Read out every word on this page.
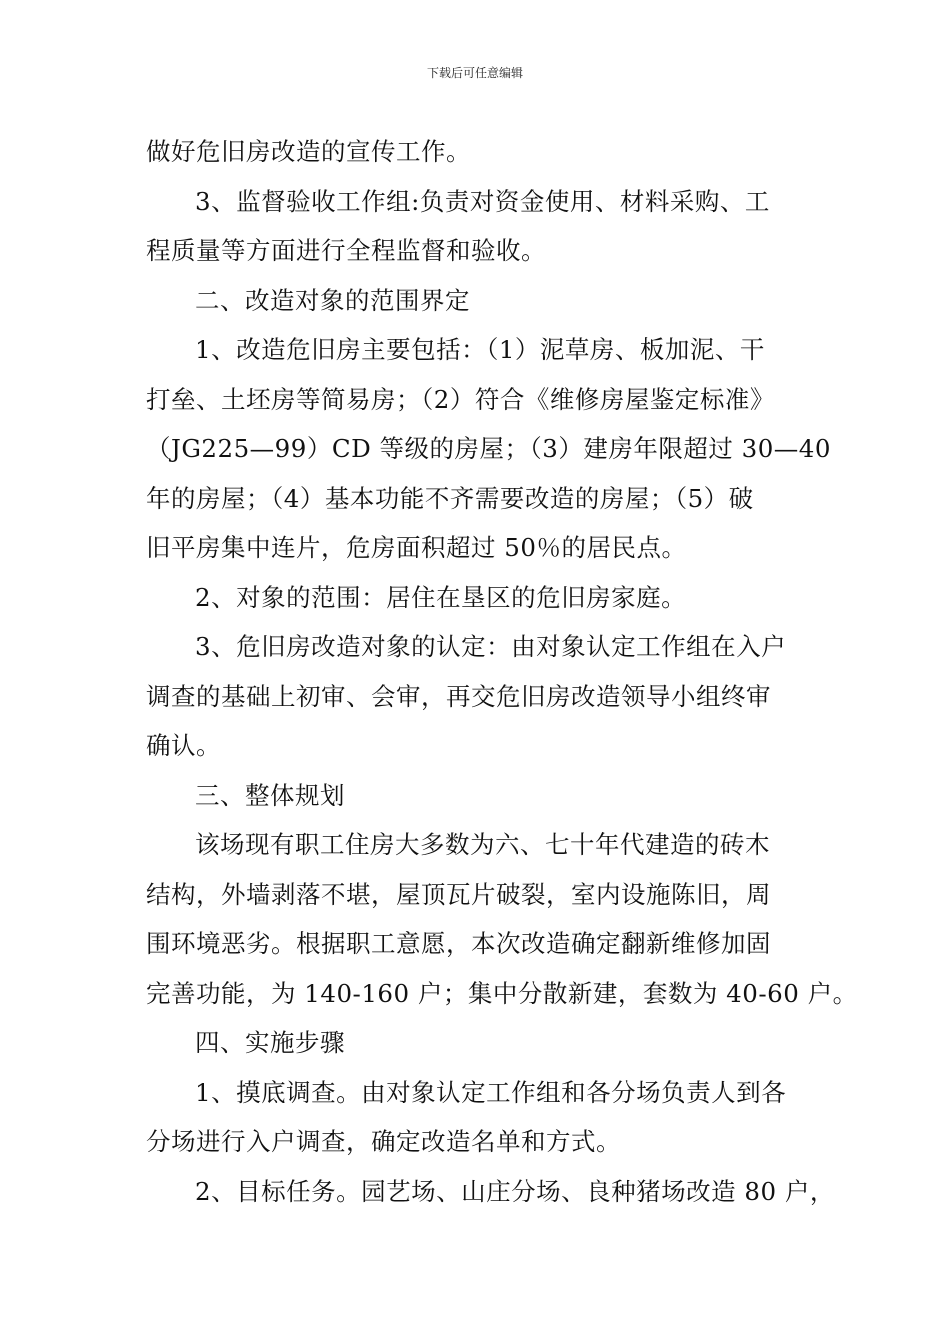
下载后可任意编辑
做好危旧房改造的宣传工作。
3、监督验收工作组:负责对资金使用、材料采购、工
程质量等方面进行全程监督和验收。
二、改造对象的范围界定
1、改造危旧房主要包括：（1）泥草房、板加泥、干
打垒、土坯房等简易房；（2）符合《维修房屋鉴定标准》
（JG225—99）CD 等级的房屋；（3）建房年限超过 30—40
年的房屋；（4）基本功能不齐需要改造的房屋；（5）破
旧平房集中连片，危房面积超过 50％的居民点。
2、对象的范围：居住在垦区的危旧房家庭。
3、危旧房改造对象的认定：由对象认定工作组在入户
调查的基础上初审、会审，再交危旧房改造领导小组终审
确认。
三、整体规划
该场现有职工住房大多数为六、七十年代建造的砖木
结构，外墙剥落不堪，屋顶瓦片破裂，室内设施陈旧，周
围环境恶劣。根据职工意愿，本次改造确定翻新维修加固
完善功能，为 140-160 户；集中分散新建，套数为 40-60 户。
四、实施步骤
1、摸底调查。由对象认定工作组和各分场负责人到各
分场进行入户调查，确定改造名单和方式。
2、目标任务。园艺场、山庄分场、良种猪场改造 80 户，
